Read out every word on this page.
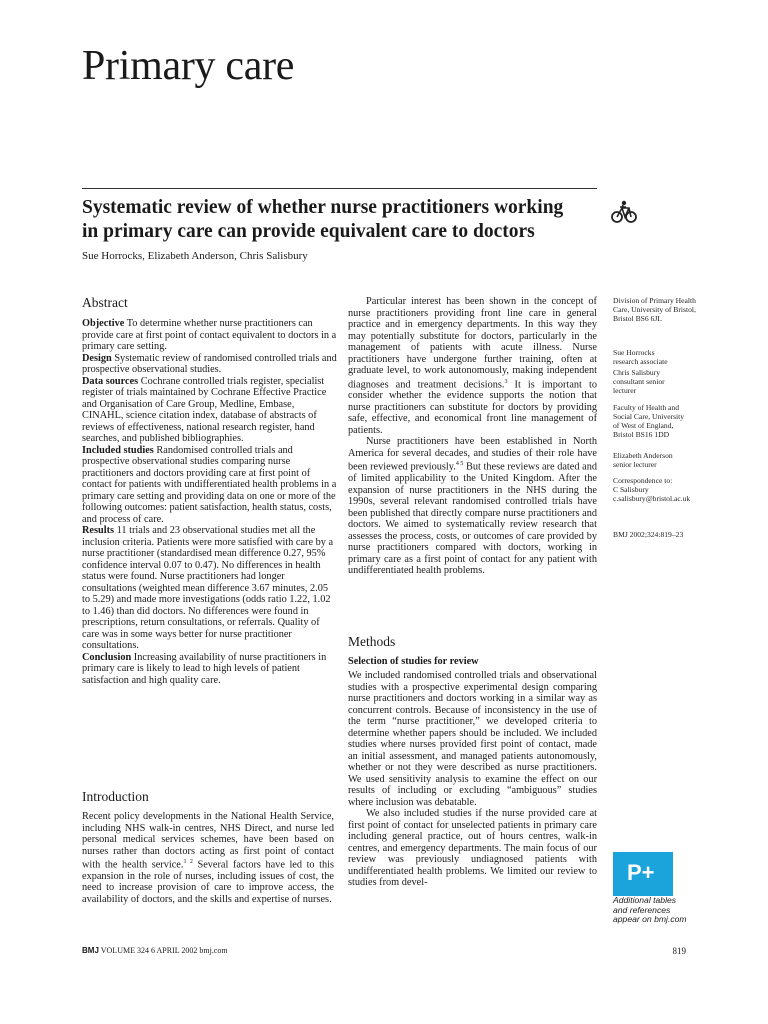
Primary care
Systematic review of whether nurse practitioners working
in primary care can provide equivalent care to doctors
Sue Horrocks, Elizabeth Anderson, Chris Salisbury
Abstract

Objective To determine whether nurse practitioners can provide care at first point of contact equivalent to doctors in a primary care setting.

Design Systematic review of randomised controlled trials and prospective observational studies.

Data sources Cochrane controlled trials register, specialist register of trials maintained by Cochrane Effective Practice and Organisation of Care Group, Medline, Embase, CINAHL, science citation index, database of abstracts of reviews of effectiveness, national research register, hand searches, and published bibliographies.

Included studies Randomised controlled trials and prospective observational studies comparing nurse practitioners and doctors providing care at first point of contact for patients with undifferentiated health problems in a primary care setting and providing data on one or more of the following outcomes: patient satisfaction, health status, costs, and process of care.

Results 11 trials and 23 observational studies met all the inclusion criteria. Patients were more satisfied with care by a nurse practitioner (standardised mean difference 0.27, 95% confidence interval 0.07 to 0.47). No differences in health status were found. Nurse practitioners had longer consultations (weighted mean difference 3.67 minutes, 2.05 to 5.29) and made more investigations (odds ratio 1.22, 1.02 to 1.46) than did doctors. No differences were found in prescriptions, return consultations, or referrals. Quality of care was in some ways better for nurse practitioner consultations.

Conclusion Increasing availability of nurse practitioners in primary care is likely to lead to high levels of patient satisfaction and high quality care.

Introduction
Recent policy developments in the National Health Service, including NHS walk-in centres, NHS Direct, and nurse led personal medical services schemes, have been based on nurses rather than doctors acting as first point of contact with the health service.$^{1 2}$ Several factors have led to this expansion in the role of nurses, including issues of cost, the need to increase provision of care to improve access, the availability of doctors, and the skills and expertise of nurses.

Particular interest has been shown in the concept of nurse practitioners providing front line care in general practice and in emergency departments. In this way they may potentially substitute for doctors, particularly in the management of patients with acute illness. Nurse practitioners have undergone further training, often at graduate level, to work autonomously, making independent diagnoses and treatment decisions.$^3$ It is important to consider whether the evidence supports the notion that nurse practitioners can substitute for doctors by providing safe, effective, and economical front line management of patients.

Nurse practitioners have been established in North America for several decades, and studies of their role have been reviewed previously.$^{4 5}$ But these reviews are dated and of limited applicability to the United Kingdom. After the expansion of nurse practitioners in the NHS during the 1990s, several relevant randomised controlled trials have been published that directly compare nurse practitioners and doctors. We aimed to systematically review research that assesses the process, costs, or outcomes of care provided by nurse practitioners compared with doctors, working in primary care as a first point of contact for any patient with undifferentiated health problems.

Methods
Selection of studies for review

We included randomised controlled trials and observational studies with a prospective experimental design comparing nurse practitioners and doctors working in a similar way as concurrent controls. Because of inconsistency in the use of the term “nurse practitioner,” we developed criteria to determine whether papers should be included. We included studies where nurses provided first point of contact, made an initial assessment, and managed patients autonomously, whether or not they were described as nurse practitioners. We used sensitivity analysis to examine the effect on our results of including or excluding “ambiguous” studies where inclusion was debatable.

We also included studies if the nurse provided care at first point of contact for unselected patients in primary care including general practice, out of hours centres, walk-in centres, and emergency departments. The main focus of our review was previously undiagnosed patients with undifferentiated health problems. We limited our review to studies from devel-

Division of Primary Health Care, University of Bristol, Bristol BS6 6JL
Sue Horrocks
research associate
Chris Salisbury
consultant senior lecturer
Faculty of Health and Social Care, University of West of England, Bristol BS16 1DD
Elizabeth Anderson
senior lecturer
Correspondence to:
C Salisbury
c.salisbury@bristol.ac.uk
BMJ 2002;324:819–23
P+
Additional tables and references appear on bmj.com
BMJ VOLUME 324 6 APRIL 2002 bmj.com	819
